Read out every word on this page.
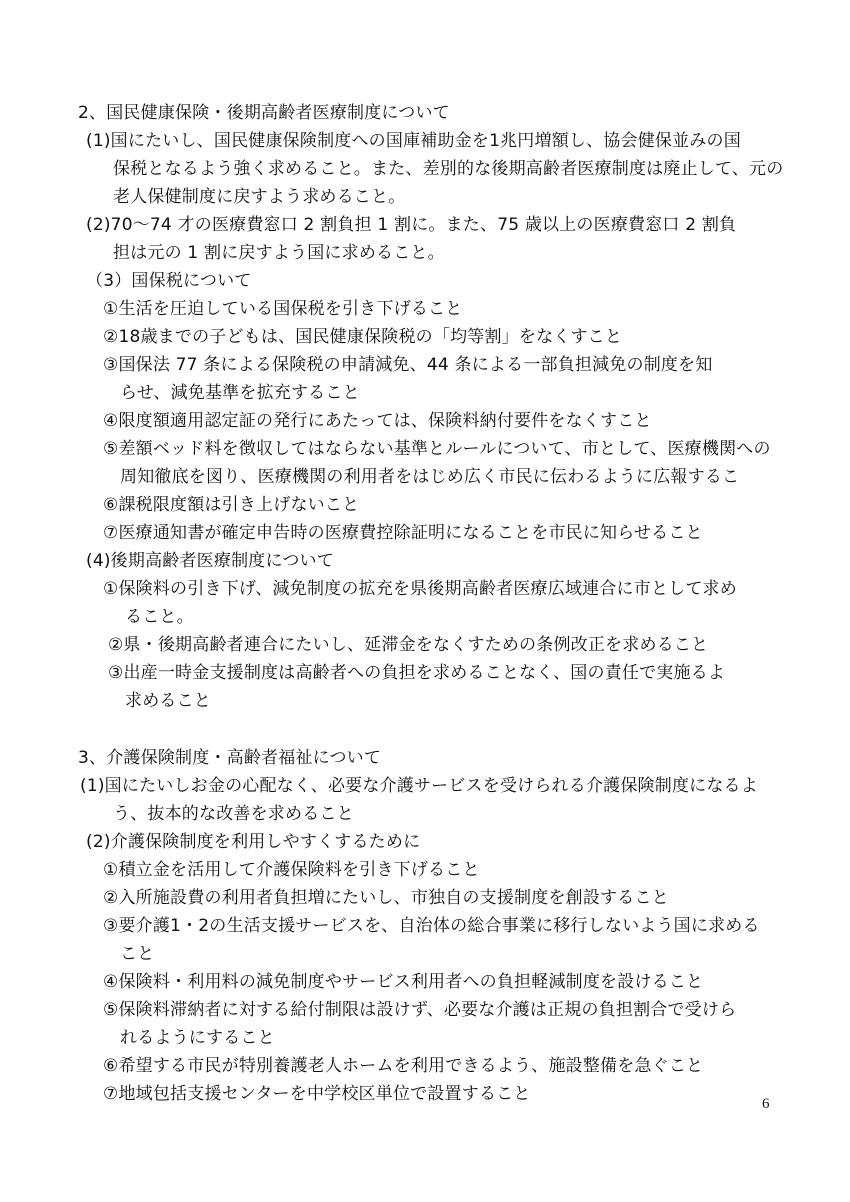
2、国民健康保険・後期高齢者医療制度について
(1)国にたいし、国民健康保険制度への国庫補助金を1兆円増額し、協会健保並みの国
保税となるよう強く求めること。また、差別的な後期高齢者医療制度は廃止して、元の
老人保健制度に戻すよう求めること。
(2)70～74 才の医療費窓口 2 割負担 1 割に。また、75 歳以上の医療費窓口 2 割負
担は元の 1 割に戻すよう国に求めること。
（3）国保税について
①生活を圧迫している国保税を引き下げること
②18歳までの子どもは、国民健康保険税の「均等割」をなくすこと
③国保法 77 条による保険税の申請減免、44 条による一部負担減免の制度を知
らせ、減免基準を拡充すること
④限度額適用認定証の発行にあたっては、保険料納付要件をなくすこと
⑤差額ベッド料を徴収してはならない基準とルールについて、市として、医療機関への
周知徹底を図り、医療機関の利用者をはじめ広く市民に伝わるように広報するこ
⑥課税限度額は引き上げないこと
⑦医療通知書が確定申告時の医療費控除証明になることを市民に知らせること
(4)後期高齢者医療制度について
①保険料の引き下げ、減免制度の拡充を県後期高齢者医療広域連合に市として求め
ること。
②県・後期高齢者連合にたいし、延滞金をなくすための条例改正を求めること
③出産一時金支援制度は高齢者への負担を求めることなく、国の責任で実施るよ
求めること
3、介護保険制度・高齢者福祉について
(1)国にたいしお金の心配なく、必要な介護サービスを受けられる介護保険制度になるよ
う、抜本的な改善を求めること
(2)介護保険制度を利用しやすくするために
①積立金を活用して介護保険料を引き下げること
②入所施設費の利用者負担増にたいし、市独自の支援制度を創設すること
③要介護1・2の生活支援サービスを、自治体の総合事業に移行しないよう国に求める
こと
④保険料・利用料の減免制度やサービス利用者への負担軽減制度を設けること
⑤保険料滞納者に対する給付制限は設けず、必要な介護は正規の負担割合で受けら
れるようにすること
⑥希望する市民が特別養護老人ホームを利用できるよう、施設整備を急ぐこと
⑦地域包括支援センターを中学校区単位で設置すること	6
